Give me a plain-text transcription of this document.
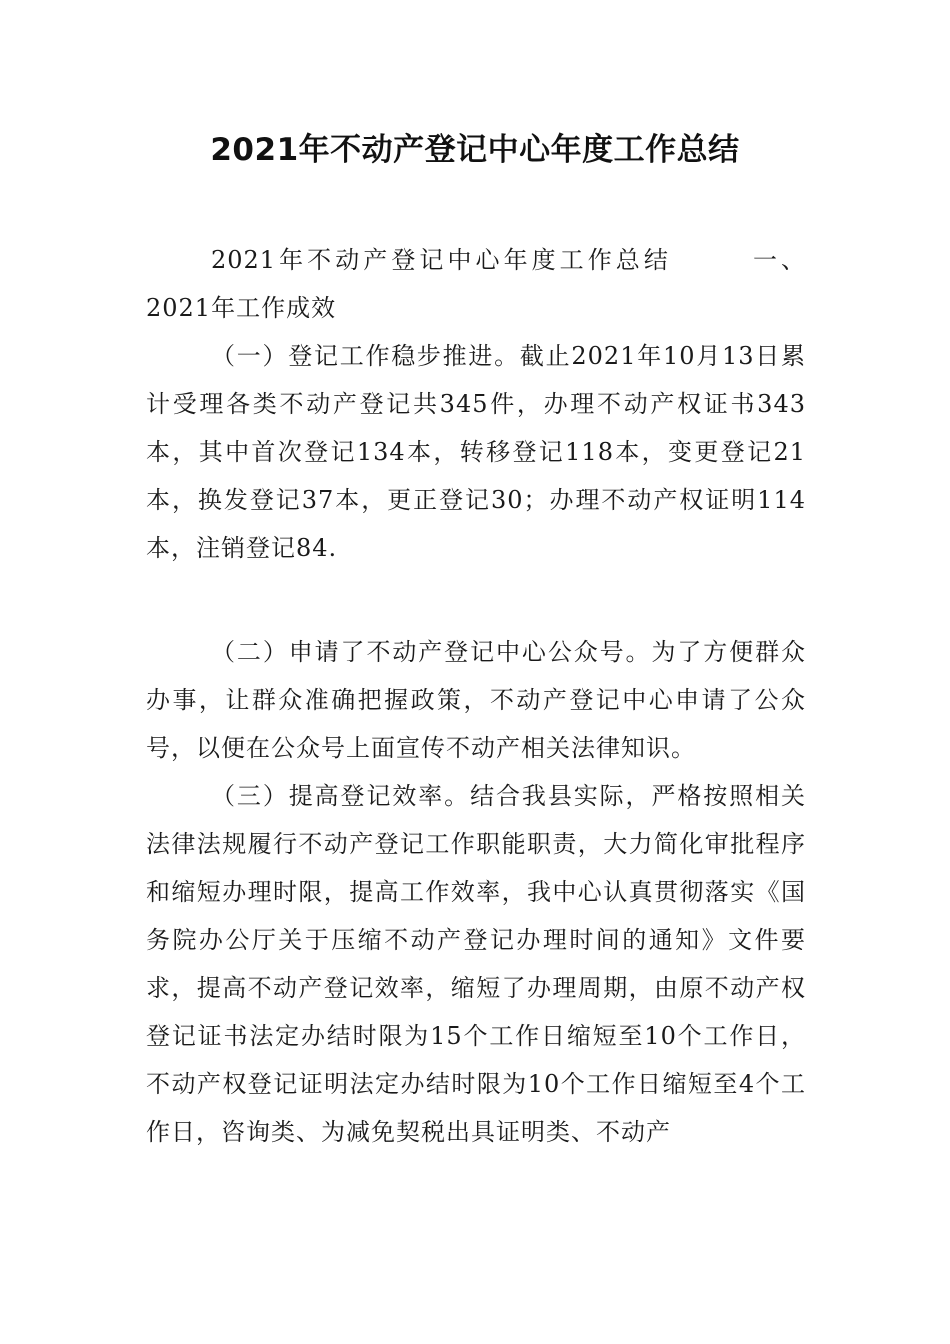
2021年不动产登记中心年度工作总结

2021年不动产登记中心年度工作总结	一、2021年工作成效

（一）登记工作稳步推进。截止2021年10月13日累计受理各类不动产登记共345件，办理不动产权证书343本，其中首次登记134本，转移登记118本，变更登记21本，换发登记37本，更正登记30；办理不动产权证明114本，注销登记84.

（二）申请了不动产登记中心公众号。为了方便群众办事，让群众准确把握政策，不动产登记中心申请了公众号，以便在公众号上面宣传不动产相关法律知识。

（三）提高登记效率。结合我县实际，严格按照相关法律法规履行不动产登记工作职能职责，大力简化审批程序和缩短办理时限，提高工作效率，我中心认真贯彻落实《国务院办公厅关于压缩不动产登记办理时间的通知》文件要求，提高不动产登记效率，缩短了办理周期，由原不动产权登记证书法定办结时限为15个工作日缩短至10个工作日，不动产权登记证明法定办结时限为10个工作日缩短至4个工作日，咨询类、为减免契税出具证明类、不动产
